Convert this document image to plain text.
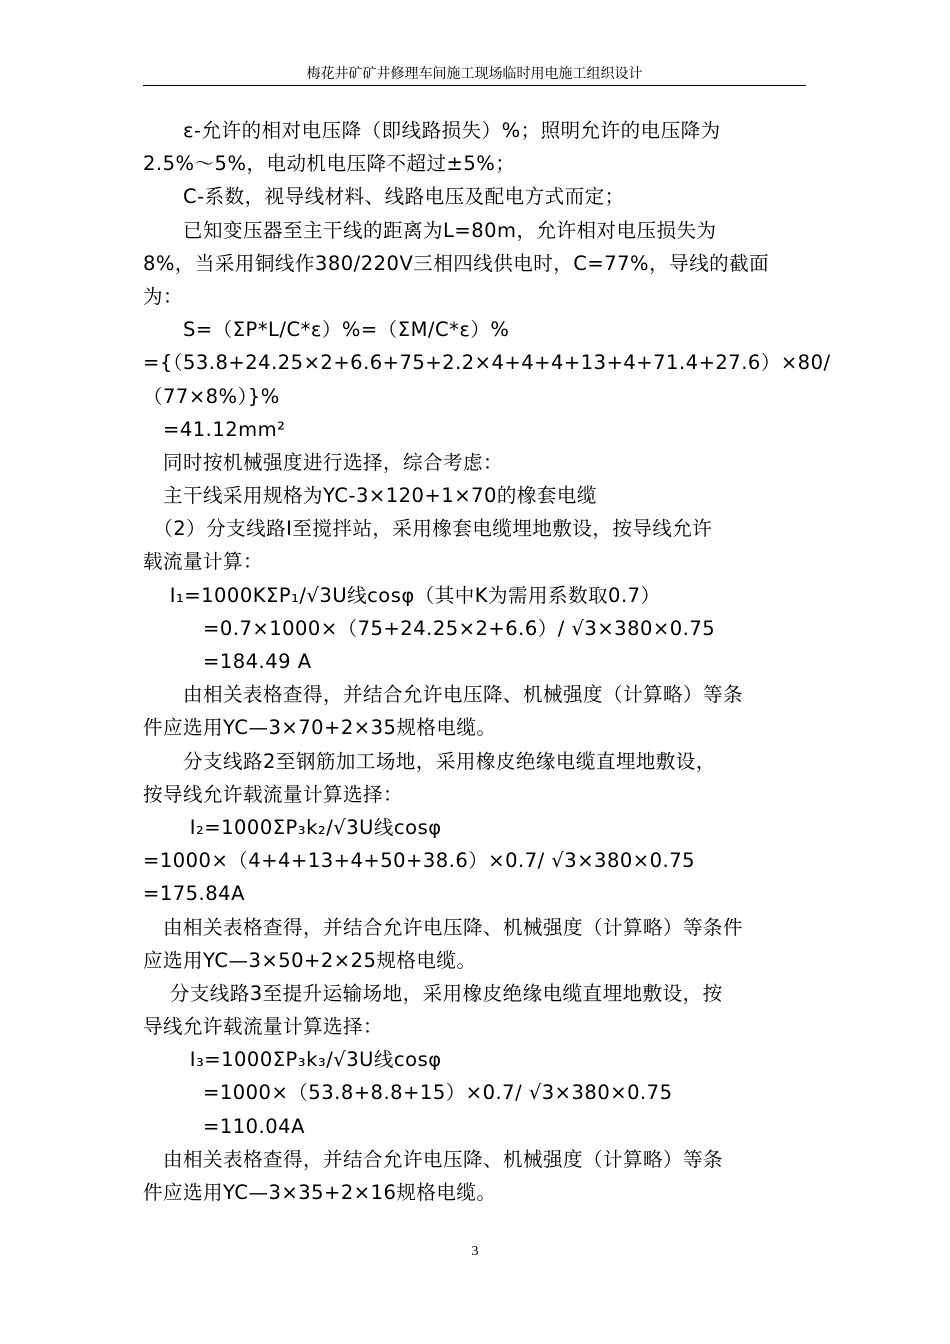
梅花井矿矿井修理车间施工现场临时用电施工组织设计
　　ε-允许的相对电压降（即线路损失）%；照明允许的电压降为
2.5%～5%，电动机电压降不超过±5%；
　　C-系数，视导线材料、线路电压及配电方式而定；
　　已知变压器至主干线的距离为L=80m，允许相对电压损失为
8%，当采用铜线作380/220V三相四线供电时，C=77%，导线的截面
为：
　　S=（ΣP*L/C*ε）%=（ΣM/C*ε）%
={（53.8+24.25×2+6.6+75+2.2×4+4+4+13+4+71.4+27.6）×80/
（77×8%）}%
　=41.12mm²
　同时按机械强度进行选择，综合考虑：
　主干线采用规格为YC-3×120+1×70的橡套电缆
　（2）分支线路I至搅拌站，采用橡套电缆埋地敷设，按导线允许
载流量计算：
　 I₁=1000KΣP₁/√3U线cosφ（其中K为需用系数取0.7）
　　　=0.7×1000×（75+24.25×2+6.6）/ √3×380×0.75
　　　=184.49 A
　　由相关表格查得，并结合允许电压降、机械强度（计算略）等条
件应选用YC—3×70+2×35规格电缆。
　　分支线路2至钢筋加工场地，采用橡皮绝缘电缆直埋地敷设，
按导线允许载流量计算选择：
　　 I₂=1000ΣP₃k₂/√3U线cosφ
=1000×（4+4+13+4+50+38.6）×0.7/ √3×380×0.75
=175.84A
　由相关表格查得，并结合允许电压降、机械强度（计算略）等条件
应选用YC—3×50+2×25规格电缆。
　 分支线路3至提升运输场地，采用橡皮绝缘电缆直埋地敷设，按
导线允许载流量计算选择：
　　 I₃=1000ΣP₃k₃/√3U线cosφ
　　　=1000×（53.8+8.8+15）×0.7/ √3×380×0.75
　　　=110.04A
　由相关表格查得，并结合允许电压降、机械强度（计算略）等条
件应选用YC—3×35+2×16规格电缆。
3
